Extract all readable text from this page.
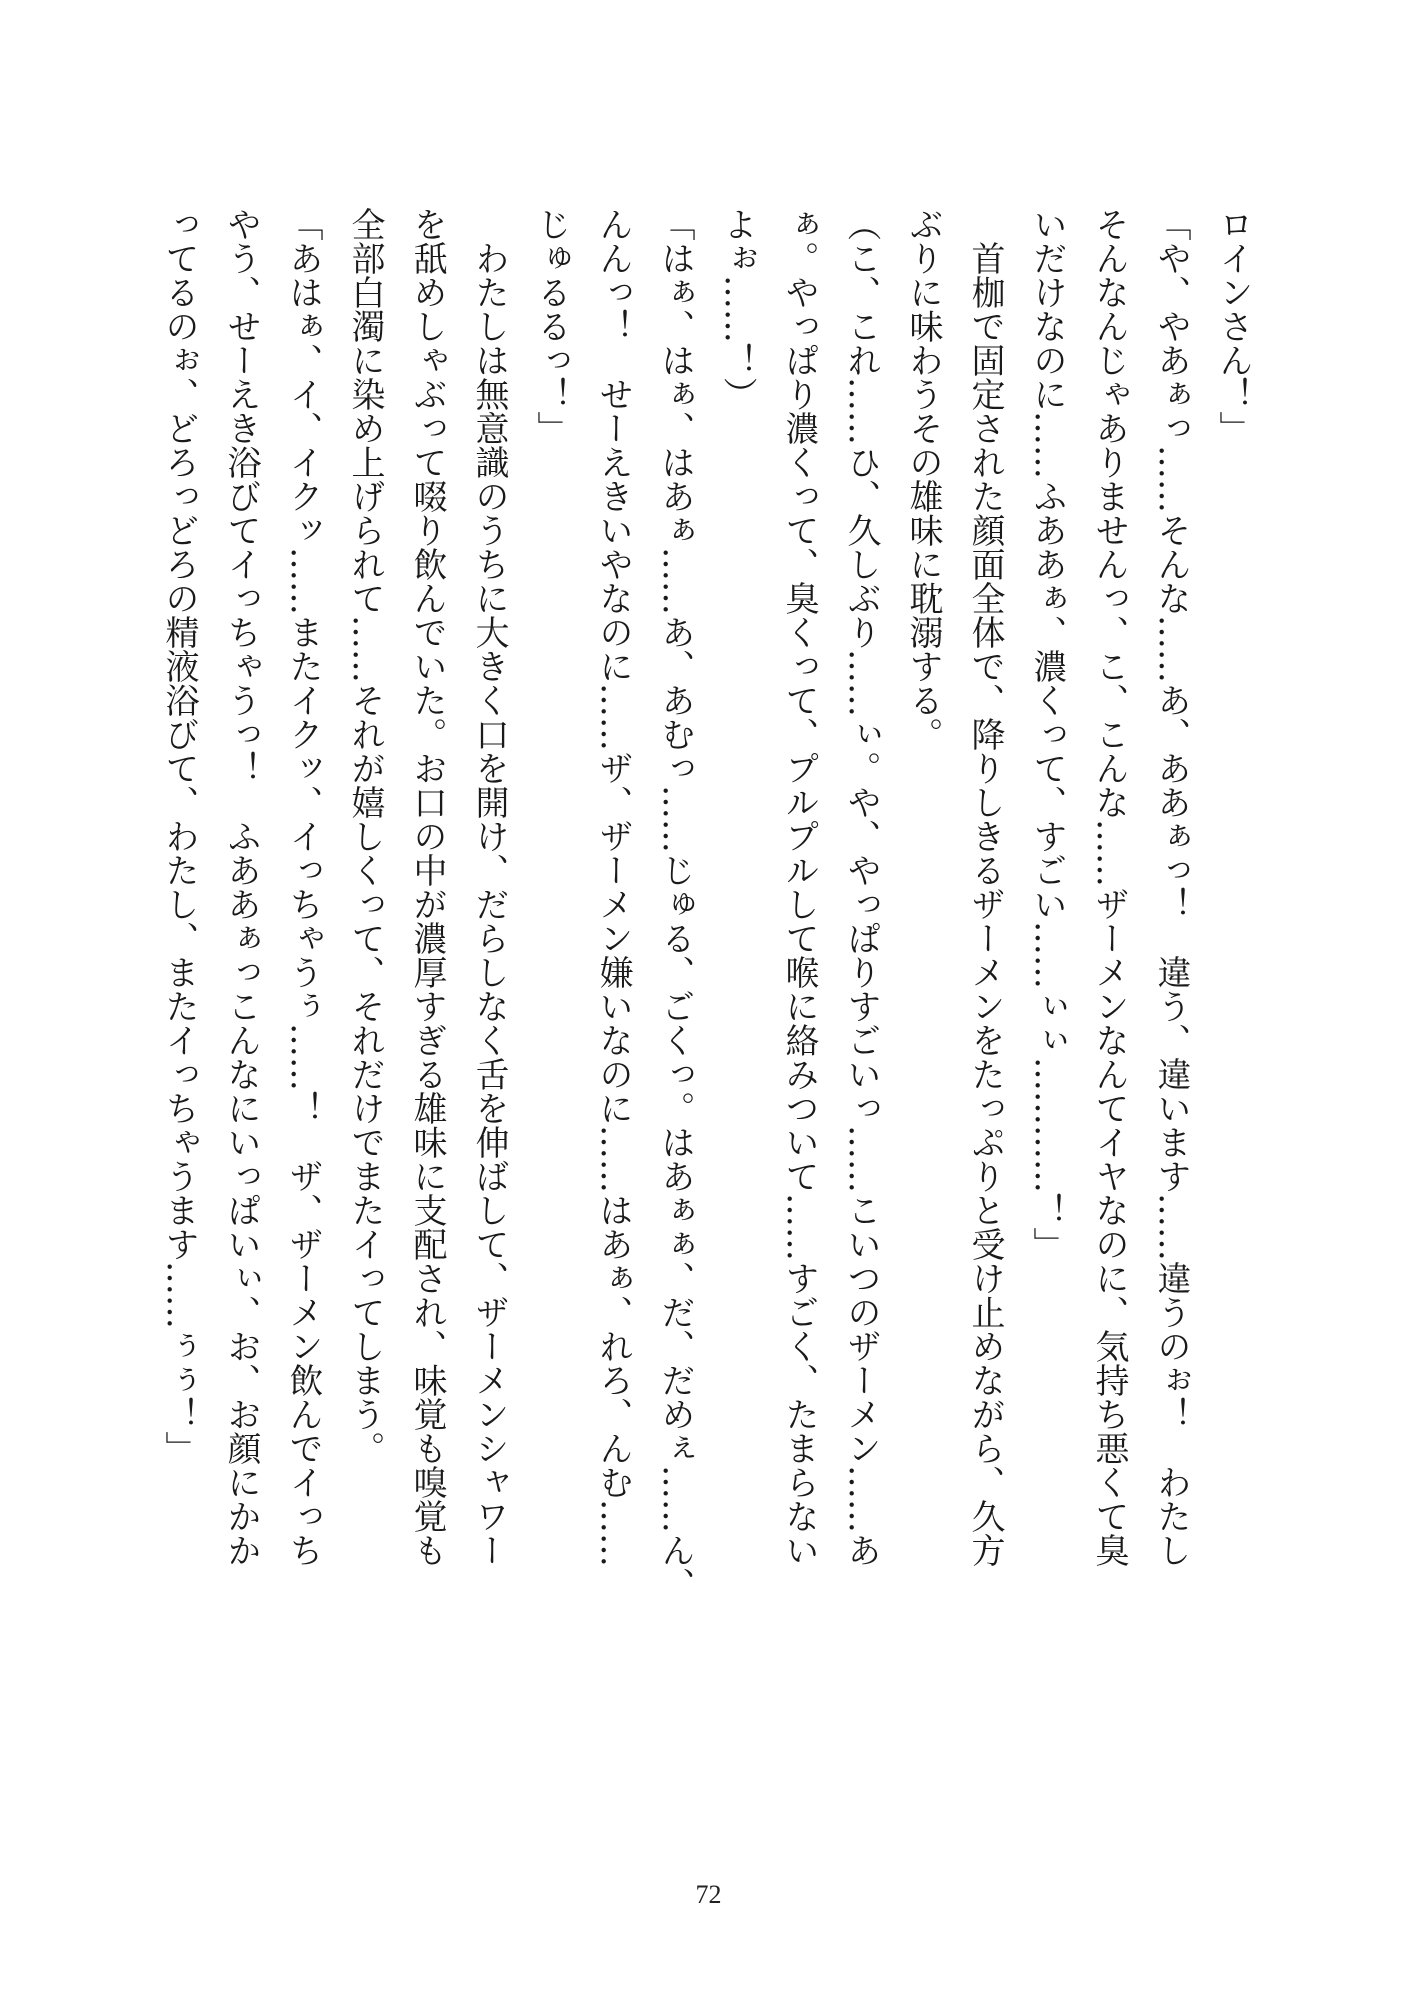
ロインさん！」
「や、やあぁっ……そんな……あ、ああぁっ！　違う、違います……違うのぉ！　わたし
そんなんじゃありませんっ、こ、こんな……ザーメンなんてイヤなのに、気持ち悪くて臭
いだけなのに……ふああぁ、濃くって、すごい……ぃぃ…………！」
　首枷で固定された顔面全体で、降りしきるザーメンをたっぷりと受け止めながら、久方
ぶりに味わうその雄味に耽溺する。
（こ、これ……ひ、久しぶり……ぃ。や、やっぱりすごいっ……こいつのザーメン……あ
ぁ。やっぱり濃くって、臭くって、プルプルして喉に絡みついて……すごく、たまらない
よぉ……！）
「はぁ、はぁ、はあぁ……あ、あむっ……じゅる、ごくっ。はあぁぁ、だ、だめぇ……ん、
んんっ！　せーえきいやなのに……ザ、ザーメン嫌いなのに……はあぁ、れろ、んむ……
じゅるるっ！」
　わたしは無意識のうちに大きく口を開け、だらしなく舌を伸ばして、ザーメンシャワー
を舐めしゃぶって啜り飲んでいた。お口の中が濃厚すぎる雄味に支配され、味覚も嗅覚も
全部白濁に染め上げられて……それが嬉しくって、それだけでまたイってしまう。
「あはぁ、イ、イクッ……またイクッ、イっちゃうぅ……！　ザ、ザーメン飲んでイっち
やう、せーえき浴びてイっちゃうっ！　ふああぁっこんなにいっぱいぃ、お、お顔にかか
ってるのぉ、どろっどろの精液浴びて、わたし、またイっちゃうます……ぅぅ！」
72
